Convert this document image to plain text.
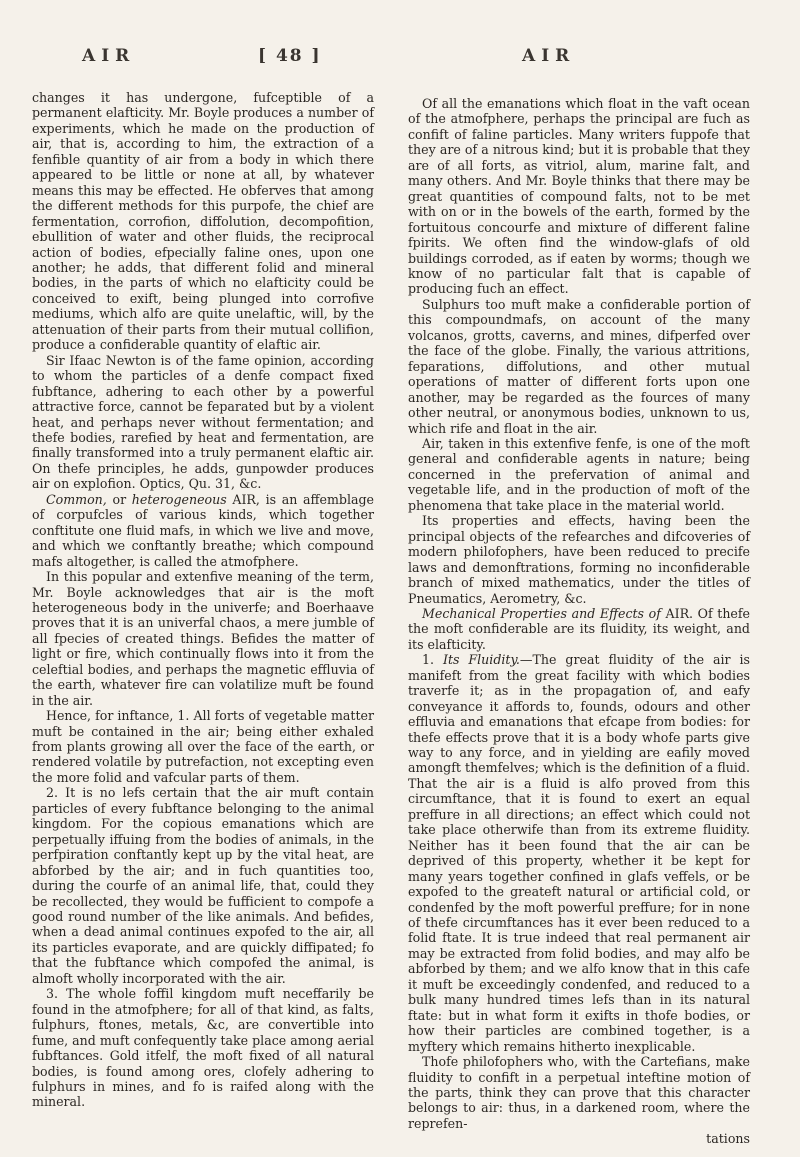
AIR	[ 48 ]	AIR

changes it has undergone, fufceptible of a permanent elafticity. Mr. Boyle produces a number of experiments, which he made on the production of air, that is, according to him, the extraction of a fenfible quantity of air from a body in which there appeared to be little or none at all, by whatever means this may be effected. He obferves that among the different methods for this purpofe, the chief are fermentation, corrofion, diffolution, decompofition, ebullition of water and other fluids, the reciprocal action of bodies, efpecially faline ones, upon one another; he adds, that different folid and mineral bodies, in the parts of which no elafticity could be conceived to exift, being plunged into corrofive mediums, which alfo are quite unelaftic, will, by the attenuation of their parts from their mutual collifion, produce a confiderable quantity of elaftic air.

Sir Ifaac Newton is of the fame opinion, according to whom the particles of a denfe compact fixed fubftance, adhering to each other by a powerful attractive force, cannot be feparated but by a violent heat, and perhaps never without fermentation; and thefe bodies, rarefied by heat and fermentation, are finally transformed into a truly permanent elaftic air. On thefe principles, he adds, gunpowder produces air on explofion. Optics, Qu. 31, &c.

Common, or heterogeneous AIR, is an affemblage of corpufcles of various kinds, which together conftitute one fluid mafs, in which we live and move, and which we conftantly breathe; which compound mafs altogether, is called the atmofphere.

In this popular and extenfive meaning of the term, Mr. Boyle acknowledges that air is the moft heterogeneous body in the univerfe; and Boerhaave proves that it is an univerfal chaos, a mere jumble of all fpecies of created things. Befides the matter of light or fire, which continually flows into it from the celeftial bodies, and perhaps the magnetic effluvia of the earth, whatever fire can volatilize muft be found in the air.

Hence, for inftance, 1. All forts of vegetable matter muft be contained in the air; being either exhaled from plants growing all over the face of the earth, or rendered volatile by putrefaction, not excepting even the more folid and vafcular parts of them.

2. It is no lefs certain that the air muft contain particles of every fubftance belonging to the animal kingdom. For the copious emanations which are perpetually iffuing from the bodies of animals, in the perfpiration conftantly kept up by the vital heat, are abforbed by the air; and in fuch quantities too, during the courfe of an animal life, that, could they be recollected, they would be fufficient to compofe a good round number of the like animals. And befides, when a dead animal continues expofed to the air, all its particles evaporate, and are quickly diffipated; fo that the fubftance which compofed the animal, is almoft wholly incorporated with the air.

3. The whole foffil kingdom muft neceffarily be found in the atmofphere; for all of that kind, as falts, fulphurs, ftones, metals, &c, are convertible into fume, and muft confequently take place among aerial fubftances. Gold itfelf, the moft fixed of all natural bodies, is found among ores, clofely adhering to fulphurs in mines, and fo is raifed along with the mineral.

Of all the emanations which float in the vaft ocean of the atmofphere, perhaps the principal are fuch as confift of faline particles. Many writers fuppofe that they are of a nitrous kind; but it is probable that they are of all forts, as vitriol, alum, marine falt, and many others. And Mr. Boyle thinks that there may be great quantities of compound falts, not to be met with on or in the bowels of the earth, formed by the fortuitous concourfe and mixture of different faline fpirits. We often find the window-glafs of old buildings corroded, as if eaten by worms; though we know of no particular falt that is capable of producing fuch an effect.

Sulphurs too muft make a confiderable portion of this compoundmafs, on account of the many volcanos, grotts, caverns, and mines, difperfed over the face of the globe. Finally, the various attritions, feparations, diffolutions, and other mutual operations of matter of different forts upon one another, may be regarded as the fources of many other neutral, or anonymous bodies, unknown to us, which rife and float in the air.

Air, taken in this extenfive fenfe, is one of the moft general and confiderable agents in nature; being concerned in the prefervation of animal and vegetable life, and in the production of moft of the phenomena that take place in the material world.

Its properties and effects, having been the principal objects of the refearches and difcoveries of modern philofophers, have been reduced to precife laws and demonftrations, forming no inconfiderable branch of mixed mathematics, under the titles of Pneumatics, Aerometry, &c.

Mechanical Properties and Effects of AIR. Of thefe the moft confiderable are its fluidity, its weight, and its elafticity.

1. Its Fluidity.—The great fluidity of the air is manifeft from the great facility with which bodies traverfe it; as in the propagation of, and eafy conveyance it affords to, founds, odours and other effluvia and emanations that efcape from bodies: for thefe effects prove that it is a body whofe parts give way to any force, and in yielding are eafily moved amongft themfelves; which is the definition of a fluid. That the air is a fluid is alfo proved from this circumftance, that it is found to exert an equal preffure in all directions; an effect which could not take place otherwife than from its extreme fluidity. Neither has it been found that the air can be deprived of this property, whether it be kept for many years together confined in glafs veffels, or be expofed to the greateft natural or artificial cold, or condenfed by the moft powerful preffure; for in none of thefe circumftances has it ever been reduced to a folid ftate. It is true indeed that real permanent air may be extracted from folid bodies, and may alfo be abforbed by them; and we alfo know that in this cafe it muft be exceedingly condenfed, and reduced to a bulk many hundred times lefs than in its natural ftate: but in what form it exifts in thofe bodies, or how their particles are combined together, is a myftery which remains hitherto inexplicable.

Thofe philofophers who, with the Cartefians, make fluidity to confift in a perpetual inteftine motion of the parts, think they can prove that this character belongs to air: thus, in a darkened room, where the reprefen-

tations
